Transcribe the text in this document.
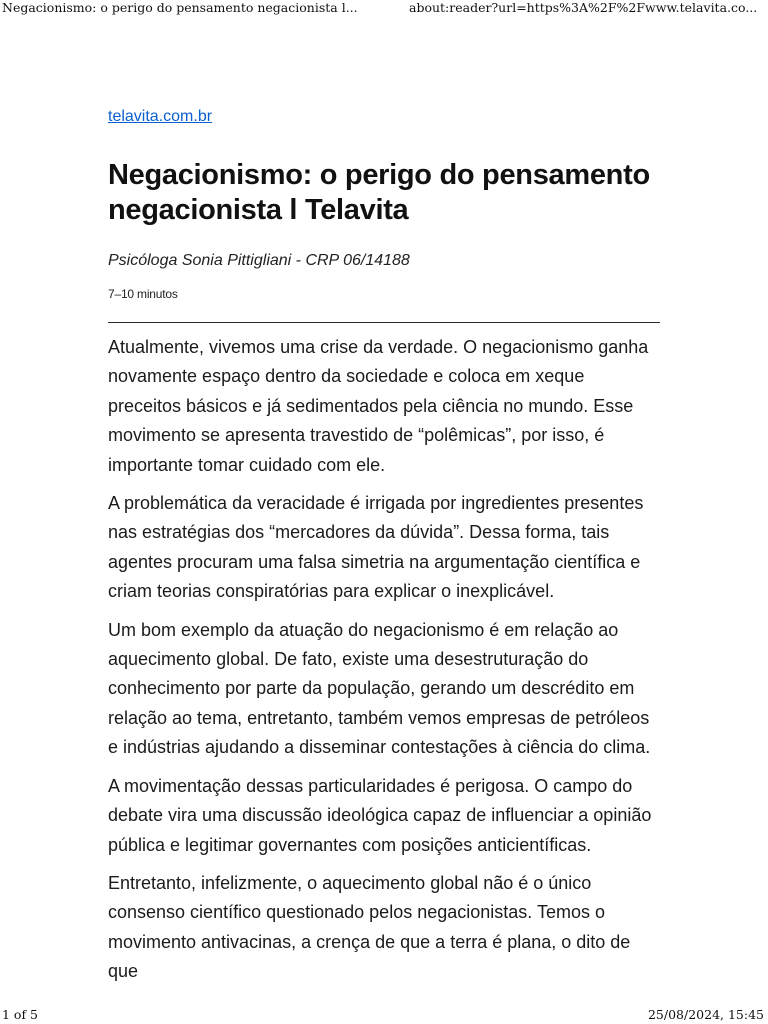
Negacionismo: o perigo do pensamento negacionista l...	about:reader?url=https%3A%2F%2Fwww.telavita.co...
telavita.com.br
Negacionismo: o perigo do pensamento negacionista l Telavita
Psicóloga Sonia Pittigliani - CRP 06/14188
7–10 minutos

Atualmente, vivemos uma crise da verdade. O negacionismo ganha novamente espaço dentro da sociedade e coloca em xeque preceitos básicos e já sedimentados pela ciência no mundo. Esse movimento se apresenta travestido de “polêmicas”, por isso, é importante tomar cuidado com ele.

A problemática da veracidade é irrigada por ingredientes presentes nas estratégias dos “mercadores da dúvida”. Dessa forma, tais agentes procuram uma falsa simetria na argumentação científica e criam teorias conspiratórias para explicar o inexplicável.

Um bom exemplo da atuação do negacionismo é em relação ao aquecimento global. De fato, existe uma desestruturação do conhecimento por parte da população, gerando um descrédito em relação ao tema, entretanto, também vemos empresas de petróleos e indústrias ajudando a disseminar contestações à ciência do clima.

A movimentação dessas particularidades é perigosa. O campo do debate vira uma discussão ideológica capaz de influenciar a opinião pública e legitimar governantes com posições anticientíficas.

Entretanto, infelizmente, o aquecimento global não é o único consenso científico questionado pelos negacionistas. Temos o movimento antivacinas, a crença de que a terra é plana, o dito de que

1 of 5	25/08/2024, 15:45
